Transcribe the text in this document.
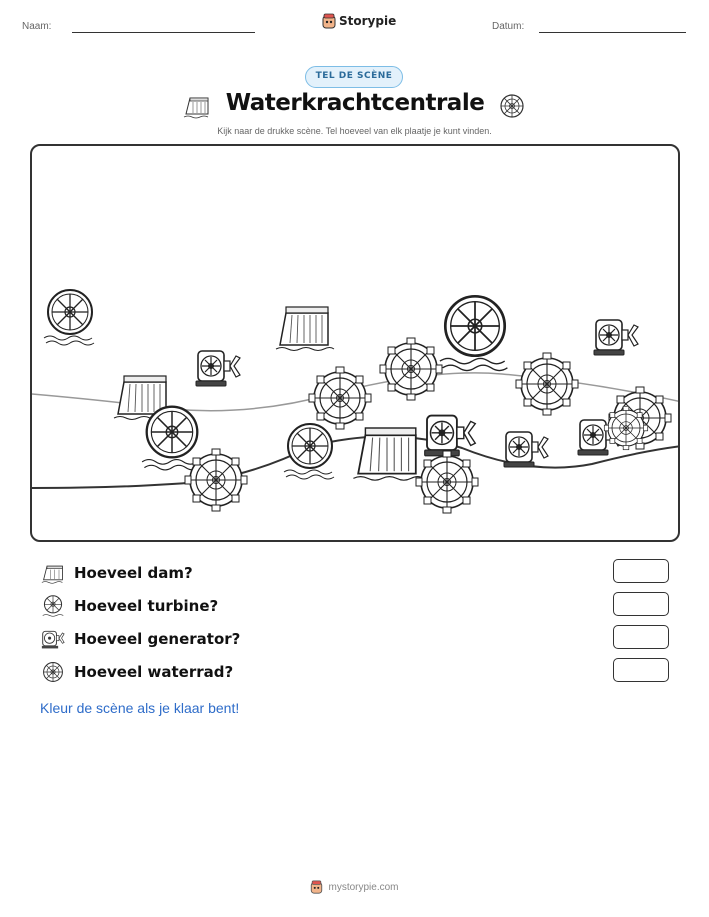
Naam:	Storypie	Datum:
TEL DE SCÈNE
Waterkrachtcentrale
Kijk naar de drukke scène. Tel hoeveel van elk plaatje je kunt vinden.
Hoeveel dam?
Hoeveel turbine?
Hoeveel generator?
Hoeveel waterrad?
Kleur de scène als je klaar bent!
mystorypie.com
